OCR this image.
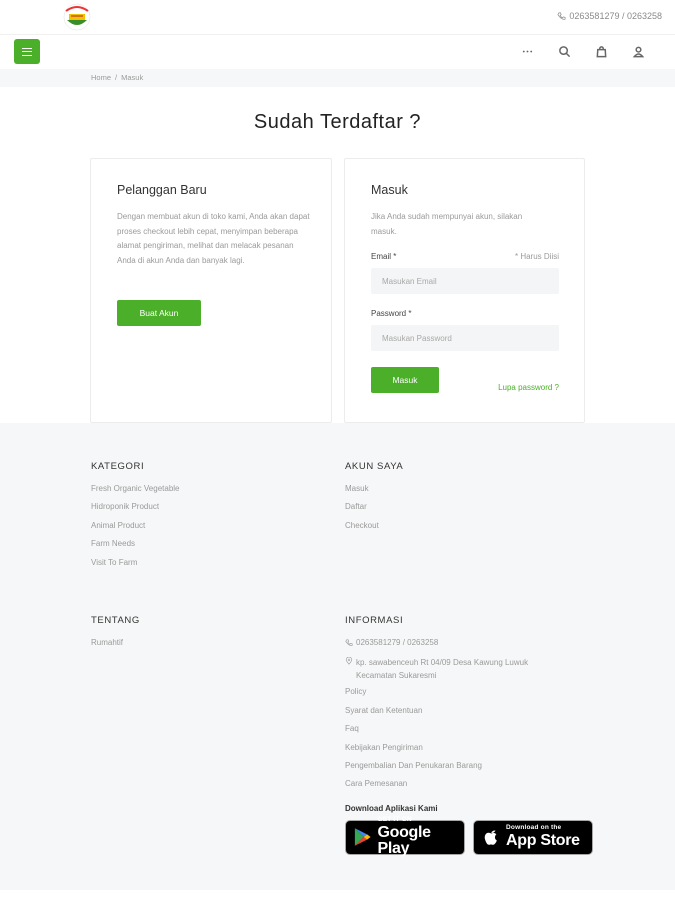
0263581279 / 0263258
Home / Masuk
Sudah Terdaftar ?
Pelanggan Baru

Dengan membuat akun di toko kami, Anda akan dapat proses checkout lebih cepat, menyimpan beberapa alamat pengiriman, melihat dan melacak pesanan Anda di akun Anda dan banyak lagi.

Buat Akun
Masuk

Jika Anda sudah mempunyai akun, silakan masuk.

Email *	* Harus Diisi
Masukan Email
Password *
Masuk
Lupa password ?
KATEGORI
Fresh Organic Vegetable
Hidroponik Product
Animal Product
Farm Needs
Visit To Farm
AKUN SAYA
Masuk
Daftar
Checkout
TENTANG
Rumahtif
INFORMASI
0263581279 / 0263258
kp. sawabenceuh Rt 04/09 Desa Kawung Luwuk Kecamatan Sukaresmi
Policy
Syarat dan Ketentuan
Faq
Kebijakan Pengiriman
Pengembalian Dan Penukaran Barang
Cara Pemesanan
Download Aplikasi Kami
GET IT ON
Google Play
Download on the
App Store
